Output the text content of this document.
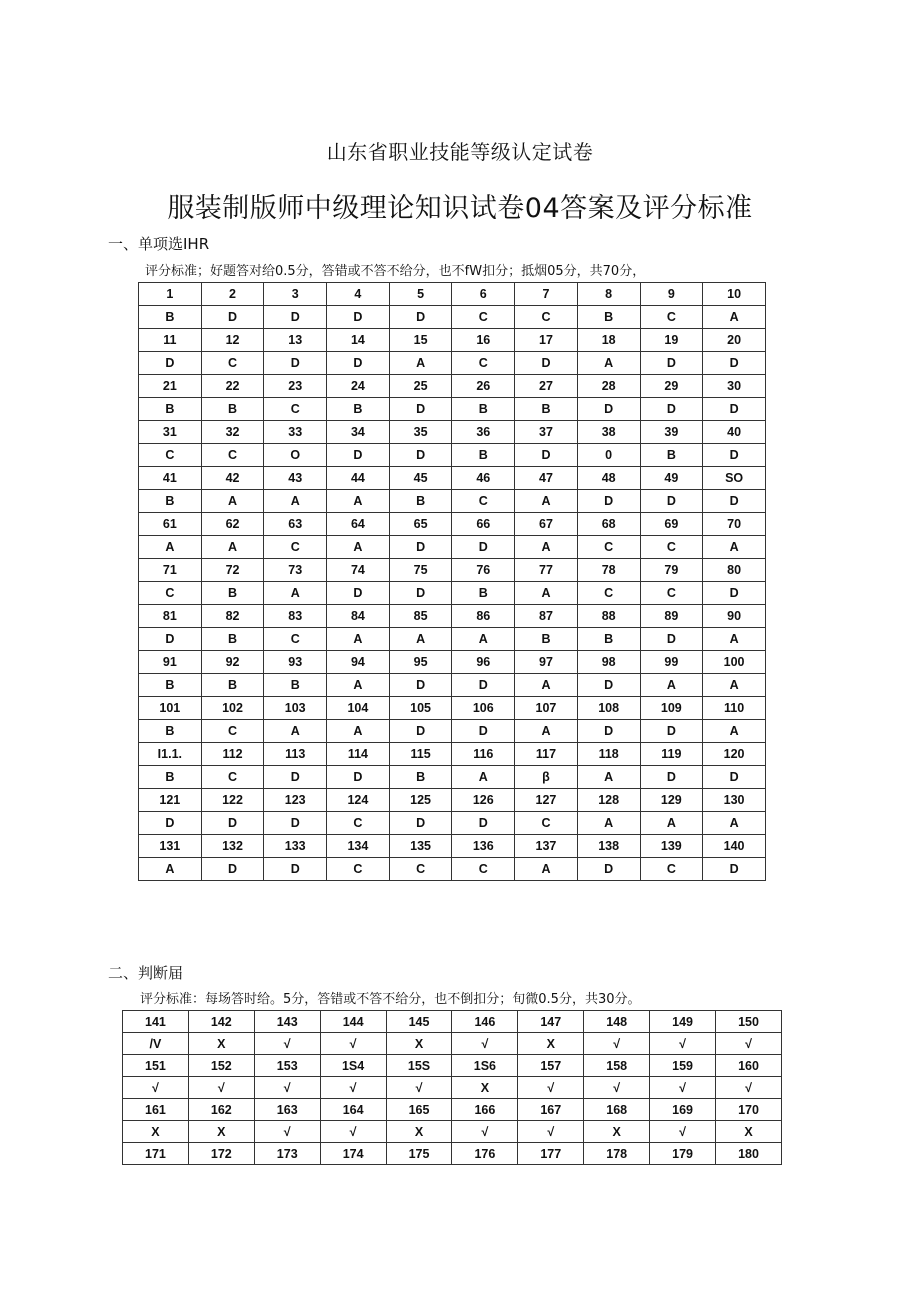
山东省职业技能等级认定试卷
服装制版师中级理论知识试卷04答案及评分标准
一、单项选IHR
评分标准；好题答对给0.5分，答错或不答不给分，也不fW扣分；抵烟05分，共70分，
1	2	3	4	5	6	7	8	9	10
B	D	D	D	D	C	C	B	C	A
11	12	13	14	15	16	17	18	19	20
D	C	D	D	A	C	D	A	D	D
21	22	23	24	25	26	27	28	29	30
B	B	C	B	D	B	B	D	D	D
31	32	33	34	35	36	37	38	39	40
C	C	O	D	D	B	D	0	B	D
41	42	43	44	45	46	47	48	49	SO
B	A	A	A	B	C	A	D	D	D
61	62	63	64	65	66	67	68	69	70
A	A	C	A	D	D	A	C	C	A
71	72	73	74	75	76	77	78	79	80
C	B	A	D	D	B	A	C	C	D
81	82	83	84	85	86	87	88	89	90
D	B	C	A	A	A	B	B	D	A
91	92	93	94	95	96	97	98	99	100
B	B	B	A	D	D	A	D	A	A
101	102	103	104	105	106	107	108	109	110
B	C	A	A	D	D	A	D	D	A
I1.1.	112	113	114	115	116	117	118	119	120
B	C	D	D	B	A	β	A	D	D
121	122	123	124	125	126	127	128	129	130
D	D	D	C	D	D	C	A	A	A
131	132	133	134	135	136	137	138	139	140
A	D	D	C	C	C	A	D	C	D
二、判断届
评分标准：每场答时给。5分，答错或不答不给分，也不倒扣分；旬微0.5分，共30分。
141	142	143	144	145	146	147	148	149	150
/V	X	√	√	X	√	X	√	√	√
151	152	153	1S4	15S	1S6	157	158	159	160
√	√	√	√	√	X	√	√	√	√
161	162	163	164	165	166	167	168	169	170
X	X	√	√	X	√	√	X	√	X
171	172	173	174	175	176	177	178	179	180
